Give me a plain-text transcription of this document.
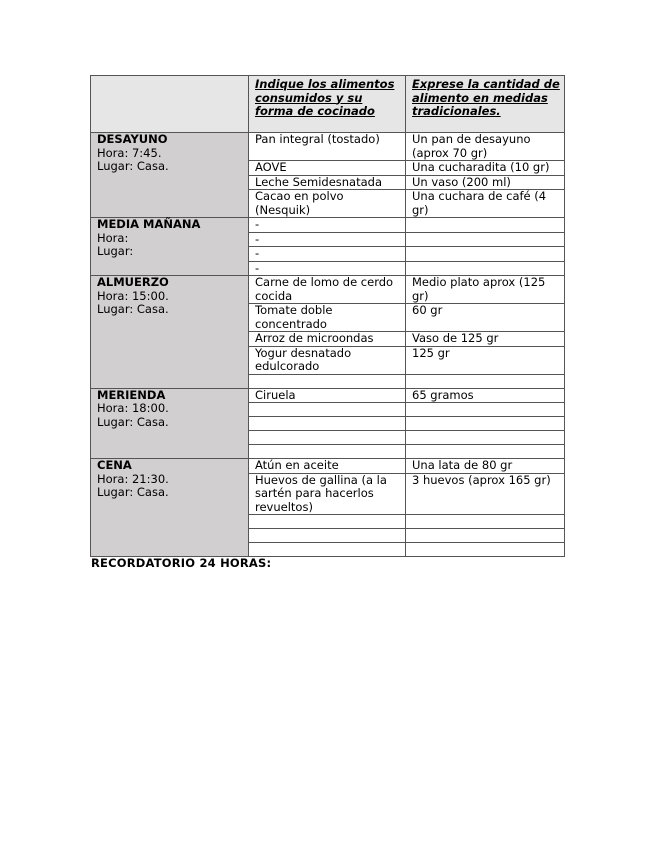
	Indique los alimentos consumidos y su forma de cocinado	Exprese la cantidad de alimento en medidas tradicionales.

DESAYUNO
Hora: 7:45.
Lugar: Casa.	Pan integral (tostado)	Un pan de desayuno (aprox 70 gr)
	AOVE	Una cucharadita (10 gr)
	Leche Semidesnatada	Un vaso (200 ml)
	Cacao en polvo (Nesquik)	Una cuchara de café (4 gr)

MEDIA MAÑANA
Hora:
Lugar:	-	
	-	
	-	
	-	

ALMUERZO
Hora: 15:00.
Lugar: Casa.	Carne de lomo de cerdo cocida	Medio plato aprox (125 gr)
	Tomate doble concentrado	60 gr
	Arroz de microondas	Vaso de 125 gr
	Yogur desnatado edulcorado	125 gr

MERIENDA
Hora: 18:00.
Lugar: Casa.	Ciruela	65 gramos

CENA
Hora: 21:30.
Lugar: Casa.	Atún en aceite	Una lata de 80 gr
	Huevos de gallina (a la sartén para hacerlos revueltos)	3 huevos (aprox 165 gr)

RECORDATORIO 24 HORAS:
